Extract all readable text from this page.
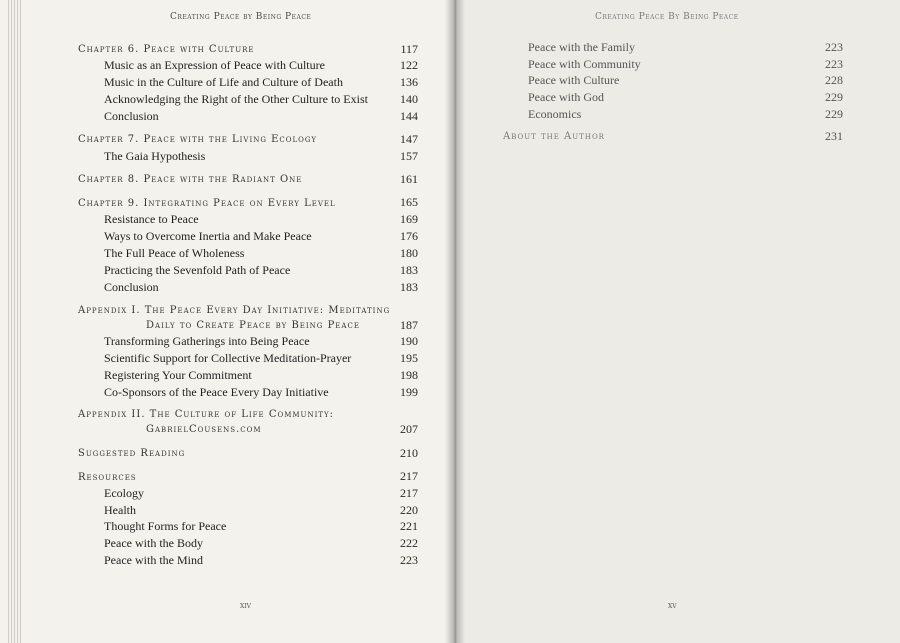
Creating Peace by Being Peace
Chapter 6. Peace with Culture	117
Music as an Expression of Peace with Culture	122
Music in the Culture of Life and Culture of Death	136
Acknowledging the Right of the Other Culture to Exist	140
Conclusion	144
Chapter 7. Peace with the Living Ecology	147
The Gaia Hypothesis	157
Chapter 8. Peace with the Radiant One	161
Chapter 9. Integrating Peace on Every Level	165
Resistance to Peace	169
Ways to Overcome Inertia and Make Peace	176
The Full Peace of Wholeness	180
Practicing the Sevenfold Path of Peace	183
Conclusion	183
Appendix I. The Peace Every Day Initiative: Meditating
Daily to Create Peace by Being Peace	187
Transforming Gatherings into Being Peace	190
Scientific Support for Collective Meditation-Prayer	195
Registering Your Commitment	198
Co-Sponsors of the Peace Every Day Initiative	199
Appendix II. The Culture of Life Community:
GabrielCousens.com	207
Suggested Reading	210
Resources	217
Ecology	217
Health	220
Thought Forms for Peace	221
Peace with the Body	222
Peace with the Mind	223
xiv
Creating Peace By Being Peace
Peace with the Family	223
Peace with Community	223
Peace with Culture	228
Peace with God	229
Economics	229
About the Author	231
xv
